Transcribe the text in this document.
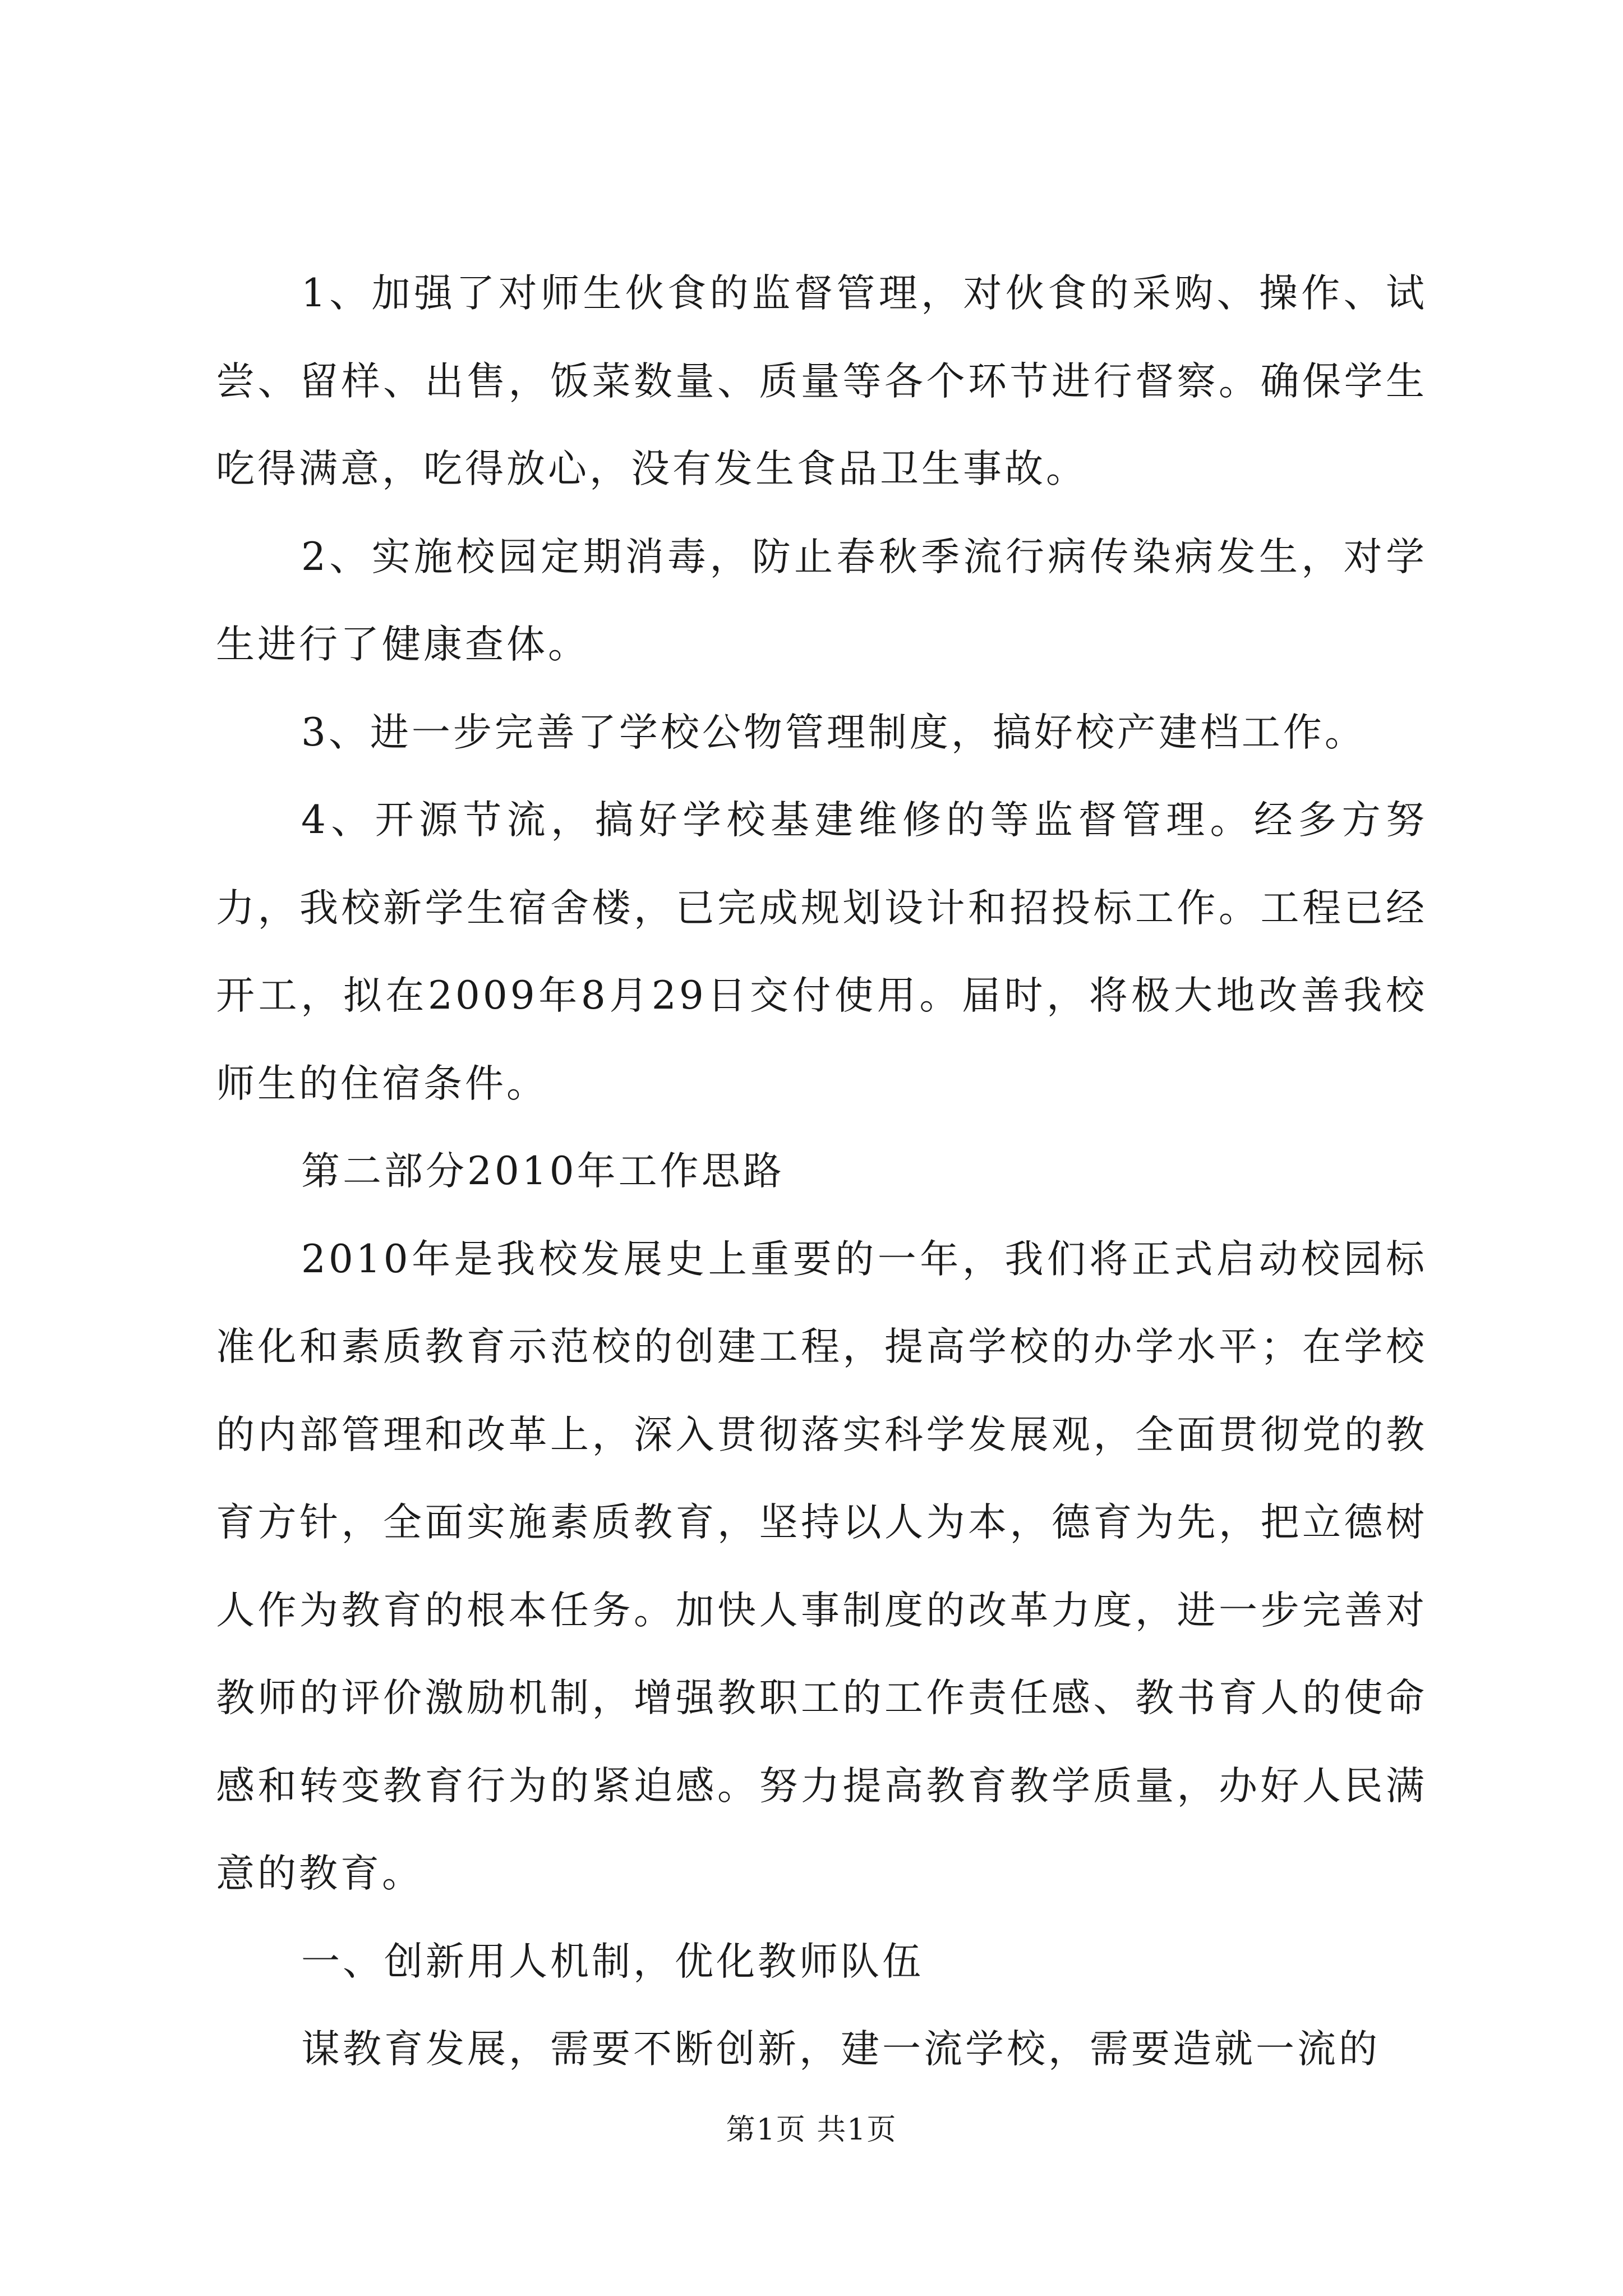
1、加强了对师生伙食的监督管理，对伙食的采购、操作、试尝、留样、出售，饭菜数量、质量等各个环节进行督察。确保学生吃得满意，吃得放心，没有发生食品卫生事故。

2、实施校园定期消毒，防止春秋季流行病传染病发生，对学生进行了健康查体。

3、进一步完善了学校公物管理制度，搞好校产建档工作。

4、开源节流，搞好学校基建维修的等监督管理。经多方努力，我校新学生宿舍楼，已完成规划设计和招投标工作。工程已经开工，拟在2009年8月29日交付使用。届时，将极大地改善我校师生的住宿条件。

第二部分2010年工作思路

2010年是我校发展史上重要的一年，我们将正式启动校园标准化和素质教育示范校的创建工程，提高学校的办学水平；在学校的内部管理和改革上，深入贯彻落实科学发展观，全面贯彻党的教育方针，全面实施素质教育，坚持以人为本，德育为先，把立德树人作为教育的根本任务。加快人事制度的改革力度，进一步完善对教师的评价激励机制，增强教职工的工作责任感、教书育人的使命感和转变教育行为的紧迫感。努力提高教育教学质量，办好人民满意的教育。

一、创新用人机制，优化教师队伍

谋教育发展，需要不断创新，建一流学校，需要造就一流的

第1页 共1页
